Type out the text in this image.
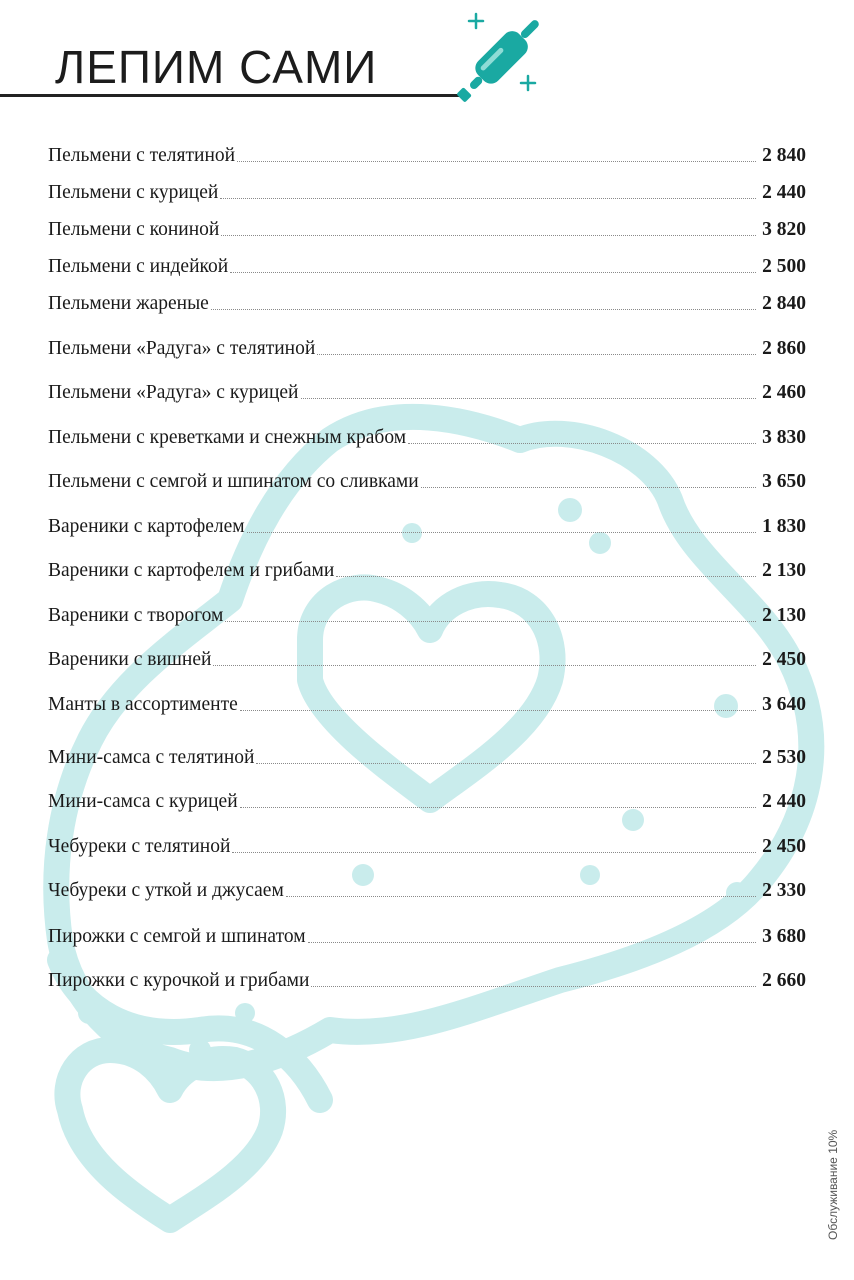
ЛЕПИМ САМИ
Пельмени с телятиной	2 840
Пельмени с курицей	2 440
Пельмени с кониной	3 820
Пельмени с индейкой	2 500
Пельмени жареные	2 840
Пельмени «Радуга» с телятиной	2 860
Пельмени «Радуга» с курицей	2 460
Пельмени с креветками и снежным крабом	3 830
Пельмени с семгой и шпинатом со сливками	3 650
Вареники с картофелем	1 830
Вареники с картофелем и грибами	2 130
Вареники с творогом	2 130
Вареники с вишней	2 450
Манты в ассортименте	3 640
Мини-самса с телятиной	2 530
Мини-самса с курицей	2 440
Чебуреки с телятиной	2 450
Чебуреки с уткой и джусаем	2 330
Пирожки с семгой и шпинатом	3 680
Пирожки с курочкой и грибами	2 660
Обслуживание 10%
